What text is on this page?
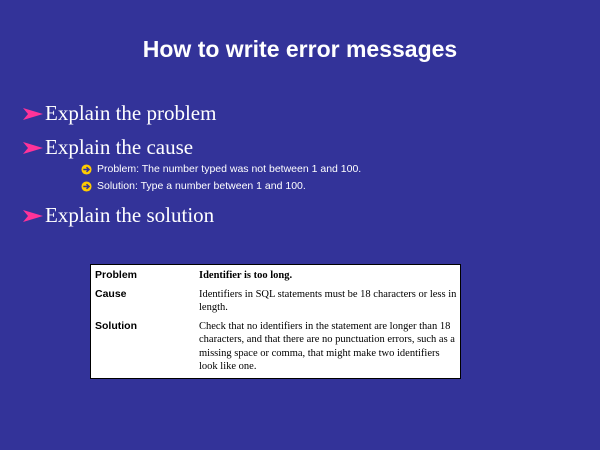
How to write error messages
Explain the problem
Explain the cause
Problem: The number typed was not between 1 and 100.
Solution: Type a number between 1 and 100.
Explain the solution
Problem	Identifier is too long.
Cause	Identifiers in SQL statements must be 18 characters or less in length.
Solution	Check that no identifiers in the statement are longer than 18 characters, and that there are no punctuation errors, such as a missing space or comma, that might make two identifiers look like one.
